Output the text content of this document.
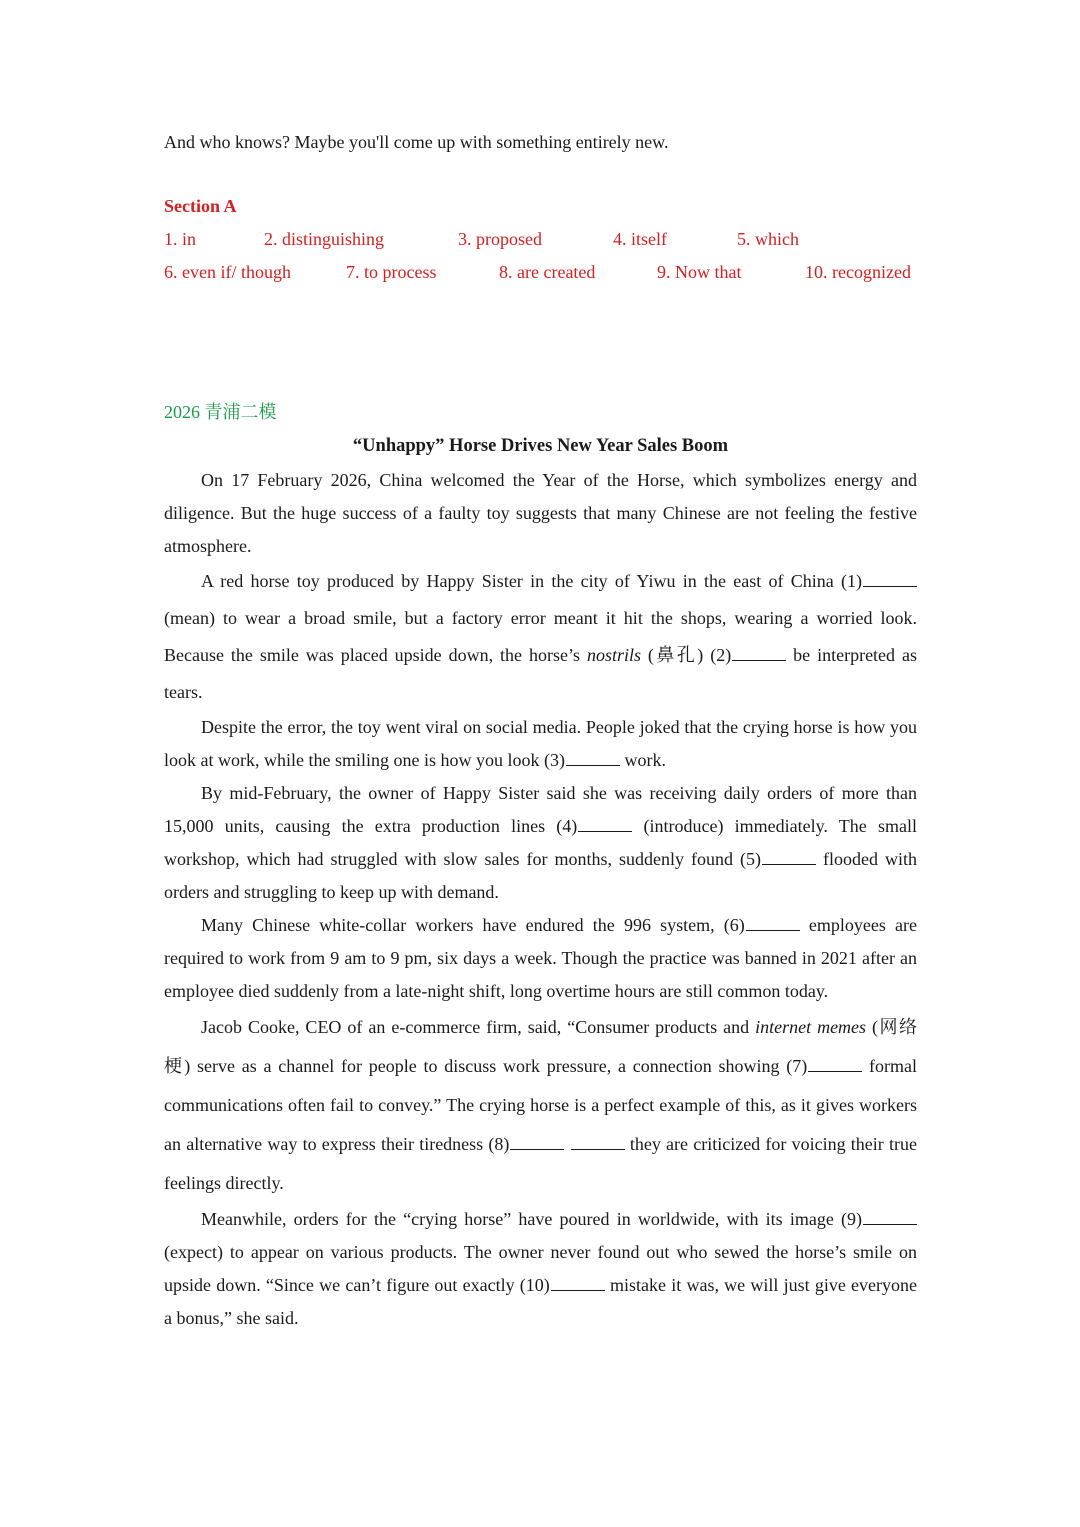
And who knows? Maybe you'll come up with something entirely new.
Section A
1. in	2. distinguishing	3. proposed	4. itself	5. which
6. even if/ though	7. to process	8. are created	9. Now that	10. recognized
2026 青浦二模
“Unhappy” Horse Drives New Year Sales Boom

On 17 February 2026, China welcomed the Year of the Horse, which symbolizes energy and diligence. But the huge success of a faulty toy suggests that many Chinese are not feeling the festive atmosphere.

A red horse toy produced by Happy Sister in the city of Yiwu in the east of China (1) (mean) to wear a broad smile, but a factory error meant it hit the shops, wearing a worried look. Because the smile was placed upside down, the horse’s nostrils (鼻孔) (2)	be interpreted as tears.

Despite the error, the toy went viral on social media. People joked that the crying horse is how you look at work, while the smiling one is how you look (3)	work.

By mid-February, the owner of Happy Sister said she was receiving daily orders of more than 15,000 units, causing the extra production lines (4)	(introduce) immediately. The small workshop, which had struggled with slow sales for months, suddenly found (5)	flooded with orders and struggling to keep up with demand.

Many Chinese white-collar workers have endured the 996 system, (6)	employees are required to work from 9 am to 9 pm, six days a week. Though the practice was banned in 2021 after an employee died suddenly from a late-night shift, long overtime hours are still common today.

Jacob Cooke, CEO of an e-commerce firm, said, “Consumer products and internet memes (网络梗) serve as a channel for people to discuss work pressure, a connection showing (7)	formal communications often fail to convey.” The crying horse is a perfect example of this, as it gives workers an alternative way to express their tiredness (8)	they are criticized for voicing their true feelings directly.

Meanwhile, orders for the “crying horse” have poured in worldwide, with its image (9) (expect) to appear on various products. The owner never found out who sewed the horse’s smile on upside down. “Since we can’t figure out exactly (10)	mistake it was, we will just give everyone a bonus,” she said.
